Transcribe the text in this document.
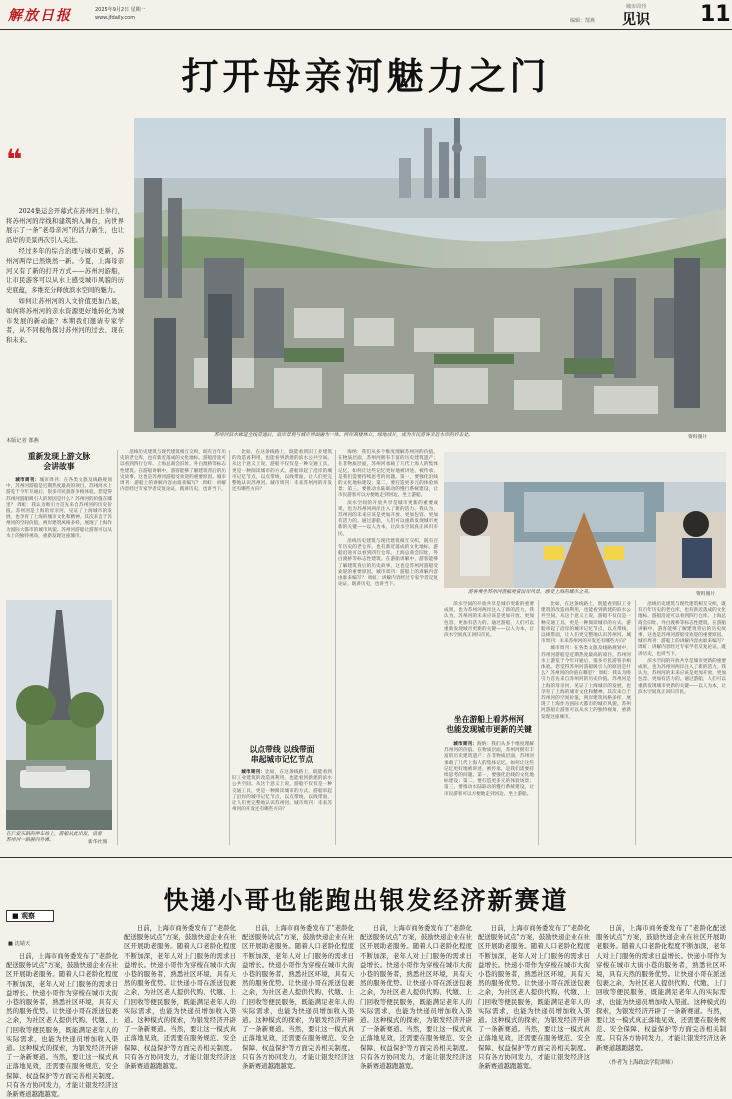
解放日报	2025年9月2日 星期一
www.jfdaily.com
城市周刊
编辑：郜燕 见识 11
打开母亲河魅力之门
❝

2024集运会开幕式在苏州河上举行，将苏州河的岸线和建筑纳入舞台，向世界展示了一条“老母亲河”的活力新生，也让沿岸的美景再次引人关注。

经过多年的综合治理与城市更新，苏州河两岸已然焕然一新。今夏，上海母亲河又有了新的打开方式——苏州河游船，让市民游客可以从水上感受城市风貌的历史底蕴，多维充分释放滨水空间的魅力。

如何让苏州河的人文价值更加凸显，如何将苏州河的亲水资源更好地转化为城市发展的新动能？本期我们邀请专家学者，从不同视角探讨苏州河的过去、现在和未来。

苏州河滨水廊道全线贯通后，沿岸景观与城市界面融为一体。两岸高楼林立，绿地成片，成为市民游客亲近水岸的好去处。	资料图片
本版记者 郜燕
重新发现上游文脉
会讲故事

城市周刊：城市周刊：在各类文旅及线路规划中，苏州河游船是近期热度最高的项目。苏州河水上游览于今年开通后，很多市民游客争相体验。您觉得苏州河游船吸引人的原因是什么？苏州河的价值在哪里？ 周虹：我认为吸引力首先来自苏州河的历史价值。苏州河是上海的母亲河，见证了上海城市的发展，也孕育了上海的城市文化和精神。其次来自于苏州河的空间价值，两岸建筑风格多样，展现了上海作为国际大都市的城市风貌。苏州河游船让游客可以从水上的独特视角，重新发现这座城市。

在仁爱东路的停车场上，游船从此出发，沿着苏州河一路驶向外滩。	新华社图

沿线历史建筑与现代建筑相互交织，既有百年历史的老仓库，也有新近落成的文化地标。游船沿途可以看到四行仓库、上海总商会旧址、外白渡桥等标志性建筑。在游船讲解中，游客能够了解建筑背后的历史故事，这也是苏州河游船受欢迎的重要原因。城市周刊：游船上的讲解内容由谁来编写？ 周虹：讲解内容经过专家学者反复论证，既讲历史，也讲当下。

比如，在这条线路上，既能看到旧工业建筑的改造再利用，也能看到新建的滨水公共空间。从这个意义上说，游船不仅仅是一种交通工具，更是一种阅读城市的方式。游船串起了沿岸的城市记忆节点，以点带线，以线带面，让人们更完整地认识苏州河。城市周刊：未来苏州河的开发还有哪些方向？

以点带线 以线带面
串起城市记忆节点

城市周刊：比如，在这条线路上，既能看到旧工业建筑的改造再利用，也能看到新建的滨水公共空间。从这个意义上说，游船不仅仅是一种交通工具，更是一种阅读城市的方式。游船串起了沿岸的城市记忆节点，以点带线，以线带面，让人们更完整地认识苏州河。城市周刊：未来苏州河的开发还有哪些方向？

海纳：我们从多个维度理解苏州河的价值。在物质层面，苏州河拥有丰富的历史建筑遗产；在非物质层面，苏州河承载了几代上海人的集体记忆。如何让这些记忆更好地被讲述、被传承，是我们需要持续思考的问题。第一，要强化沿线的文化地标建设；第二，要打造更多元的体验场景；第三，要推动水陆联动的慢行系统建设，让市民游客可以方便地走到河边、坐上游船。

滨水空间的开放共享是城市更新的重要成果，也为苏州河两岸注入了新的活力。我认为，苏州河的未来应该是更加开放、更加包容、更加有活力的。通过游船，人们可以重新发现城市更新的关键——以人为本，让滨水空间真正回归市民。

沿线历史建筑与现代建筑相互交织，既有百年历史的老仓库，也有新近落成的文化地标。游船沿途可以看到四行仓库、上海总商会旧址、外白渡桥等标志性建筑。在游船讲解中，游客能够了解建筑背后的历史故事，这也是苏州河游船受欢迎的重要原因。城市周刊：游船上的讲解内容由谁来编写？ 周虹：讲解内容经过专家学者反复论证，既讲历史，也讲当下。

游客乘坐苏州河游船观赏沿岸风景，感受上海的城市之美。	资料图片

滨水空间的开放共享是城市更新的重要成果，也为苏州河两岸注入了新的活力。我认为，苏州河的未来应该是更加开放、更加包容、更加有活力的。通过游船，人们可以重新发现城市更新的关键——以人为本，让滨水空间真正回归市民。

坐在游船上看苏州河
也能发现城市更新的关键

城市周刊：海纳：我们从多个维度理解苏州河的价值。在物质层面，苏州河拥有丰富的历史建筑遗产；在非物质层面，苏州河承载了几代上海人的集体记忆。如何让这些记忆更好地被讲述、被传承，是我们需要持续思考的问题。第一，要强化沿线的文化地标建设；第二，要打造更多元的体验场景；第三，要推动水陆联动的慢行系统建设，让市民游客可以方便地走到河边、坐上游船。

比如，在这条线路上，既能看到旧工业建筑的改造再利用，也能看到新建的滨水公共空间。从这个意义上说，游船不仅仅是一种交通工具，更是一种阅读城市的方式。游船串起了沿岸的城市记忆节点，以点带线，以线带面，让人们更完整地认识苏州河。城市周刊：未来苏州河的开发还有哪些方向？

城市周刊：在各类文旅及线路规划中，苏州河游船是近期热度最高的项目。苏州河水上游览于今年开通后，很多市民游客争相体验。您觉得苏州河游船吸引人的原因是什么？苏州河的价值在哪里？ 周虹：我认为吸引力首先来自苏州河的历史价值。苏州河是上海的母亲河，见证了上海城市的发展，也孕育了上海的城市文化和精神。其次来自于苏州河的空间价值，两岸建筑风格多样，展现了上海作为国际大都市的城市风貌。苏州河游船让游客可以从水上的独特视角，重新发现这座城市。

沿线历史建筑与现代建筑相互交织，既有百年历史的老仓库，也有新近落成的文化地标。游船沿途可以看到四行仓库、上海总商会旧址、外白渡桥等标志性建筑。在游船讲解中，游客能够了解建筑背后的历史故事，这也是苏州河游船受欢迎的重要原因。城市周刊：游船上的讲解内容由谁来编写？ 周虹：讲解内容经过专家学者反复论证，既讲历史，也讲当下。

滨水空间的开放共享是城市更新的重要成果，也为苏州河两岸注入了新的活力。我认为，苏州河的未来应该是更加开放、更加包容、更加有活力的。通过游船，人们可以重新发现城市更新的关键——以人为本，让滨水空间真正回归市民。

快递小哥也能跑出银发经济新赛道
■ 观察
■ 沈婧天

日前，上海市商务委发布了“老龄化配送服务试点”方案，鼓励快递企业在社区开展助老服务。随着人口老龄化程度不断加深，老年人对上门服务的需求日益增长。快递小哥作为穿梭在城市大街小巷的服务者，熟悉社区环境，具有天然的服务优势。让快递小哥在派送包裹之余，为社区老人提供代购、代缴、上门回收等便民服务，既能满足老年人的实际需求，也能为快递员增加收入渠道。这种模式的探索，为银发经济开辟了一条新赛道。当然，要让这一模式真正落地见效，还需要在服务规范、安全保障、权益保护等方面完善相关制度。只有各方协同发力，才能让银发经济这条新赛道越跑越宽。

日前，上海市商务委发布了“老龄化配送服务试点”方案，鼓励快递企业在社区开展助老服务。随着人口老龄化程度不断加深，老年人对上门服务的需求日益增长。快递小哥作为穿梭在城市大街小巷的服务者，熟悉社区环境，具有天然的服务优势。让快递小哥在派送包裹之余，为社区老人提供代购、代缴、上门回收等便民服务，既能满足老年人的实际需求，也能为快递员增加收入渠道。这种模式的探索，为银发经济开辟了一条新赛道。当然，要让这一模式真正落地见效，还需要在服务规范、安全保障、权益保护等方面完善相关制度。只有各方协同发力，才能让银发经济这条新赛道越跑越宽。

日前，上海市商务委发布了“老龄化配送服务试点”方案，鼓励快递企业在社区开展助老服务。随着人口老龄化程度不断加深，老年人对上门服务的需求日益增长。快递小哥作为穿梭在城市大街小巷的服务者，熟悉社区环境，具有天然的服务优势。让快递小哥在派送包裹之余，为社区老人提供代购、代缴、上门回收等便民服务，既能满足老年人的实际需求，也能为快递员增加收入渠道。这种模式的探索，为银发经济开辟了一条新赛道。当然，要让这一模式真正落地见效，还需要在服务规范、安全保障、权益保护等方面完善相关制度。只有各方协同发力，才能让银发经济这条新赛道越跑越宽。

日前，上海市商务委发布了“老龄化配送服务试点”方案，鼓励快递企业在社区开展助老服务。随着人口老龄化程度不断加深，老年人对上门服务的需求日益增长。快递小哥作为穿梭在城市大街小巷的服务者，熟悉社区环境，具有天然的服务优势。让快递小哥在派送包裹之余，为社区老人提供代购、代缴、上门回收等便民服务，既能满足老年人的实际需求，也能为快递员增加收入渠道。这种模式的探索，为银发经济开辟了一条新赛道。当然，要让这一模式真正落地见效，还需要在服务规范、安全保障、权益保护等方面完善相关制度。只有各方协同发力，才能让银发经济这条新赛道越跑越宽。

日前，上海市商务委发布了“老龄化配送服务试点”方案，鼓励快递企业在社区开展助老服务。随着人口老龄化程度不断加深，老年人对上门服务的需求日益增长。快递小哥作为穿梭在城市大街小巷的服务者，熟悉社区环境，具有天然的服务优势。让快递小哥在派送包裹之余，为社区老人提供代购、代缴、上门回收等便民服务，既能满足老年人的实际需求，也能为快递员增加收入渠道。这种模式的探索，为银发经济开辟了一条新赛道。当然，要让这一模式真正落地见效，还需要在服务规范、安全保障、权益保护等方面完善相关制度。只有各方协同发力，才能让银发经济这条新赛道越跑越宽。

日前，上海市商务委发布了“老龄化配送服务试点”方案，鼓励快递企业在社区开展助老服务。随着人口老龄化程度不断加深，老年人对上门服务的需求日益增长。快递小哥作为穿梭在城市大街小巷的服务者，熟悉社区环境，具有天然的服务优势。让快递小哥在派送包裹之余，为社区老人提供代购、代缴、上门回收等便民服务，既能满足老年人的实际需求，也能为快递员增加收入渠道。这种模式的探索，为银发经济开辟了一条新赛道。当然，要让这一模式真正落地见效，还需要在服务规范、安全保障、权益保护等方面完善相关制度。只有各方协同发力，才能让银发经济这条新赛道越跑越宽。

（作者为上海政法学院讲师）
